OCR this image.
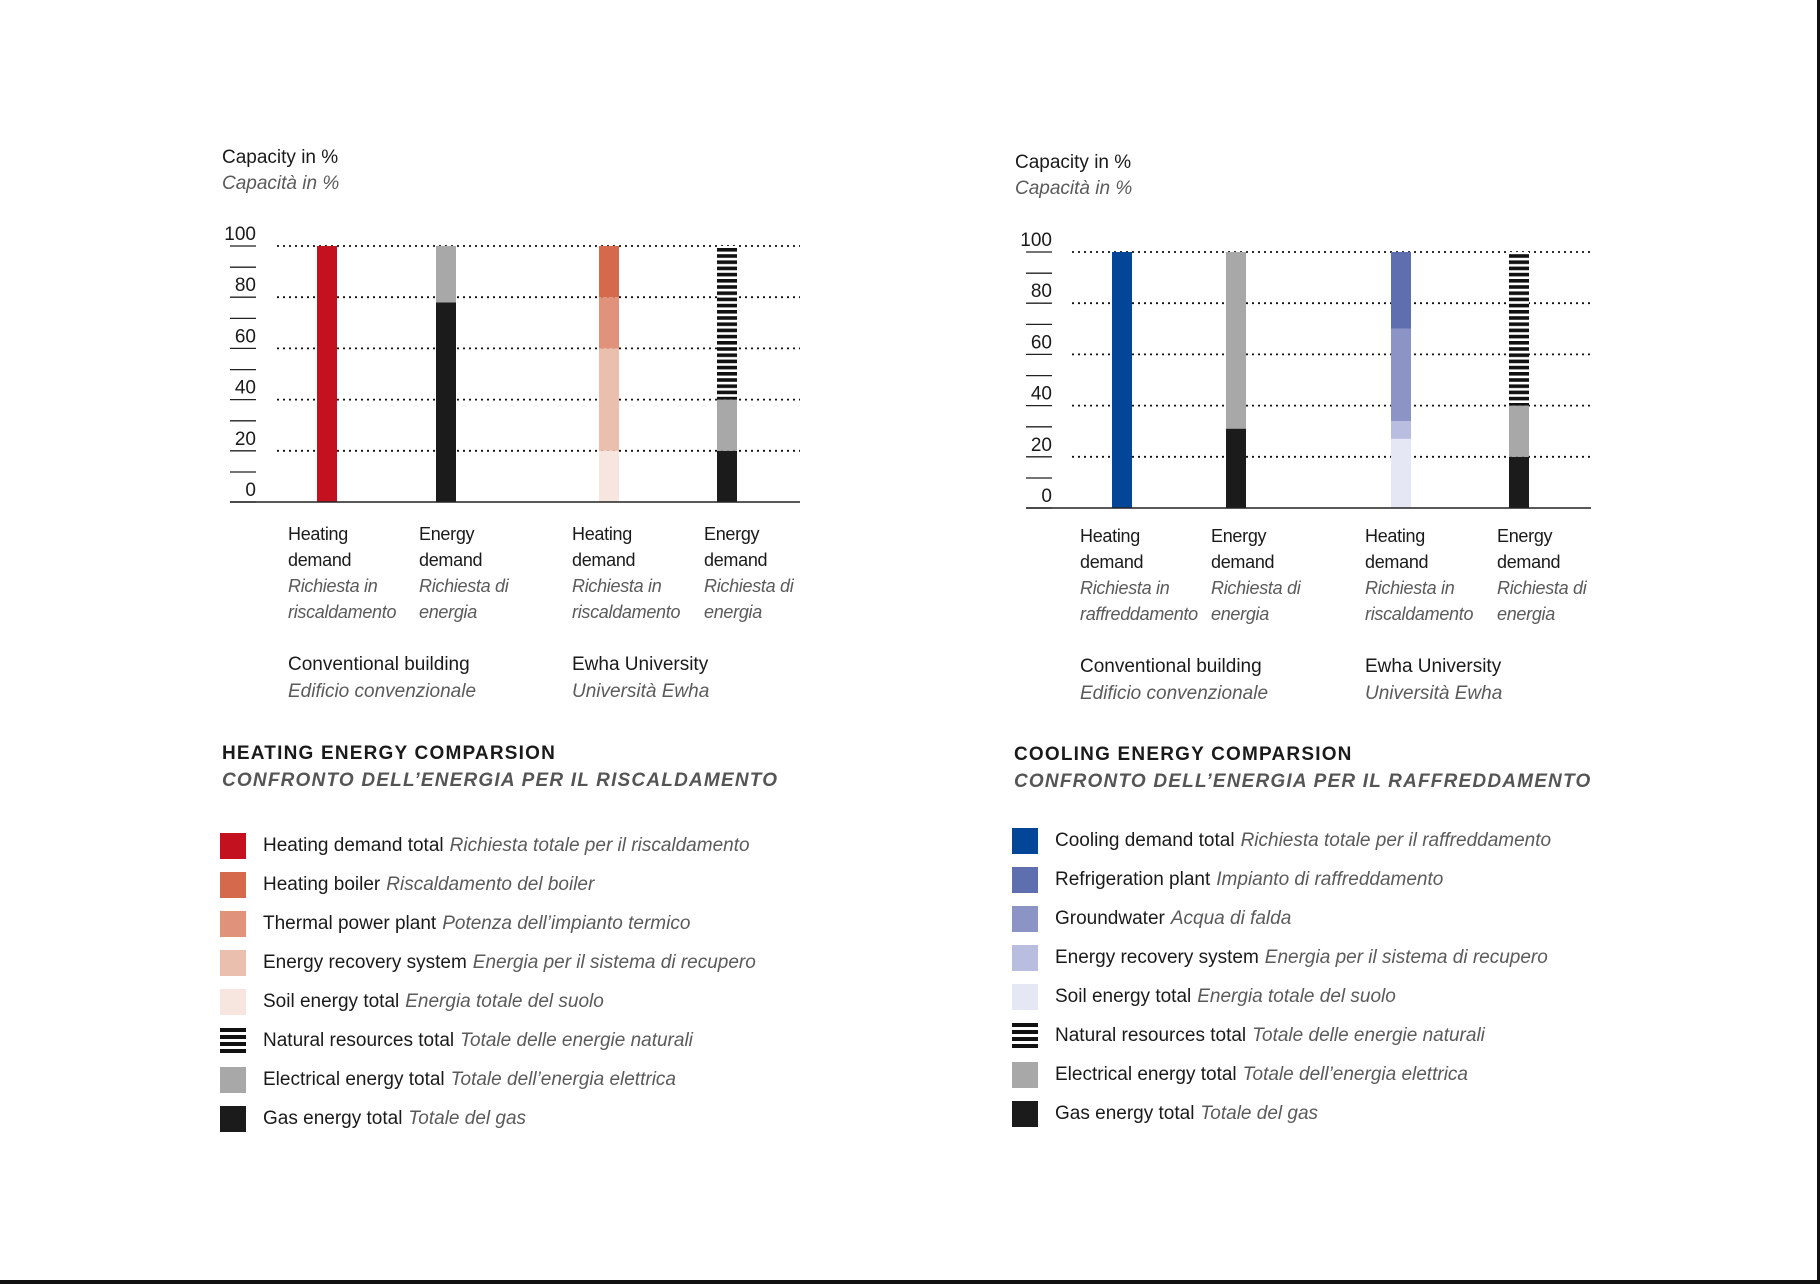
Capacity in %
Capacità in %
100
80
60
40
20
0
Heating
demand
Richiesta in
riscaldamento
Energy
demand
Richiesta di
energia
Heating
demand
Richiesta in
riscaldamento
Energy
demand
Richiesta di
energia
Conventional building
Edificio convenzionale
Ewha University
Università Ewha
HEATING ENERGY COMPARSION
CONFRONTO DELL’ENERGIA PER IL RISCALDAMENTO
Heating demand total Richiesta totale per il riscaldamento
Heating boiler Riscaldamento del boiler
Thermal power plant Potenza dell’impianto termico
Energy recovery system Energia per il sistema di recupero
Soil energy total Energia totale del suolo
Natural resources total Totale delle energie naturali
Electrical energy total Totale dell’energia elettrica
Gas energy total Totale del gas
Capacity in %
Capacità in %
100
80
60
40
20
0
Heating
demand
Richiesta in
raffreddamento
Energy
demand
Richiesta di
energia
Heating
demand
Richiesta in
riscaldamento
Energy
demand
Richiesta di
energia
Conventional building
Edificio convenzionale
Ewha University
Università Ewha
COOLING ENERGY COMPARSION
CONFRONTO DELL’ENERGIA PER IL RAFFREDDAMENTO
Cooling demand total Richiesta totale per il raffreddamento
Refrigeration plant Impianto di raffreddamento
Groundwater Acqua di falda
Energy recovery system Energia per il sistema di recupero
Soil energy total Energia totale del suolo
Natural resources total Totale delle energie naturali
Electrical energy total Totale dell’energia elettrica
Gas energy total Totale del gas
